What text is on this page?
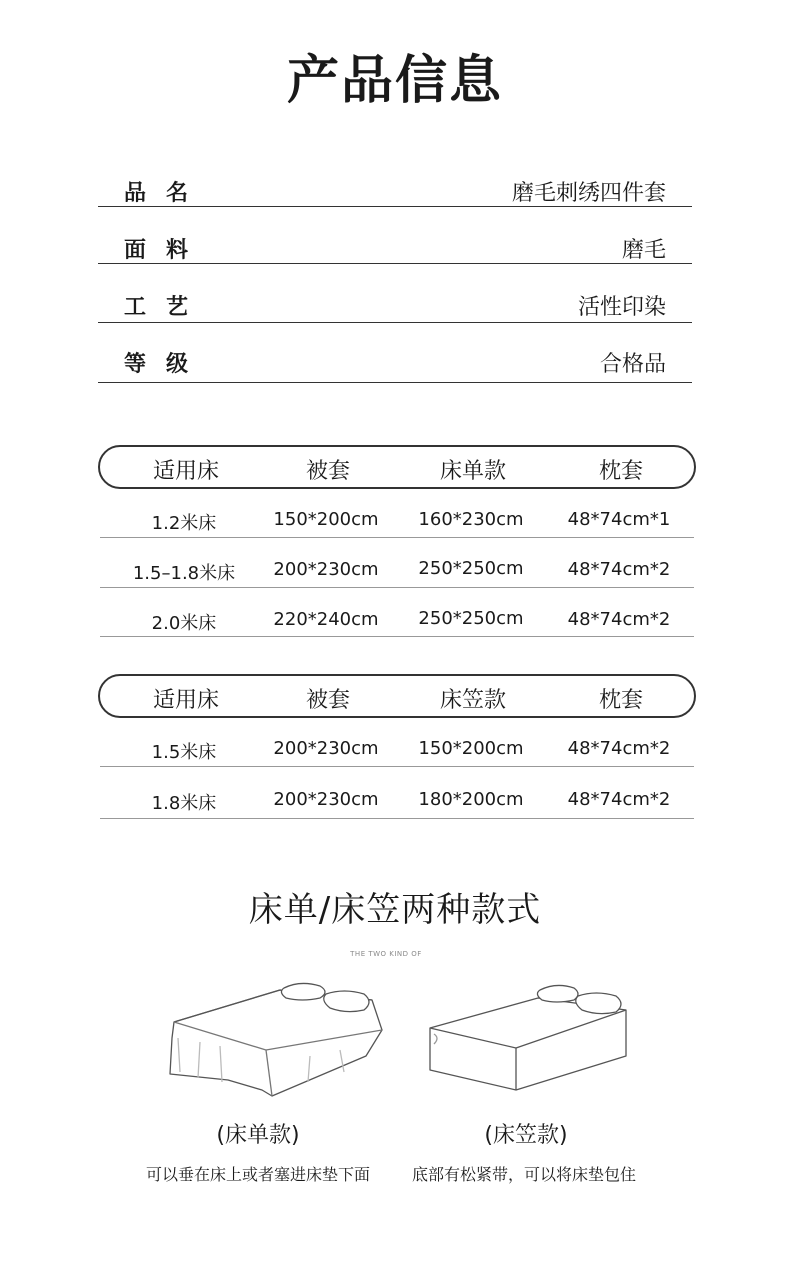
产品信息
品名	磨毛刺绣四件套
面料	磨毛
工艺	活性印染
等级	合格品
适用床	被套	床单款	枕套
1.2米床	150*200cm	160*230cm	48*74cm*1
1.5–1.8米床	200*230cm	250*250cm	48*74cm*2
2.0米床	220*240cm	250*250cm	48*74cm*2
适用床	被套	床笠款	枕套
1.5米床	200*230cm	150*200cm	48*74cm*2
1.8米床	200*230cm	180*200cm	48*74cm*2
床单/床笠两种款式
THE TWO KIND OF
(床单款)	(床笠款)
可以垂在床上或者塞进床垫下面	底部有松紧带，可以将床垫包住
